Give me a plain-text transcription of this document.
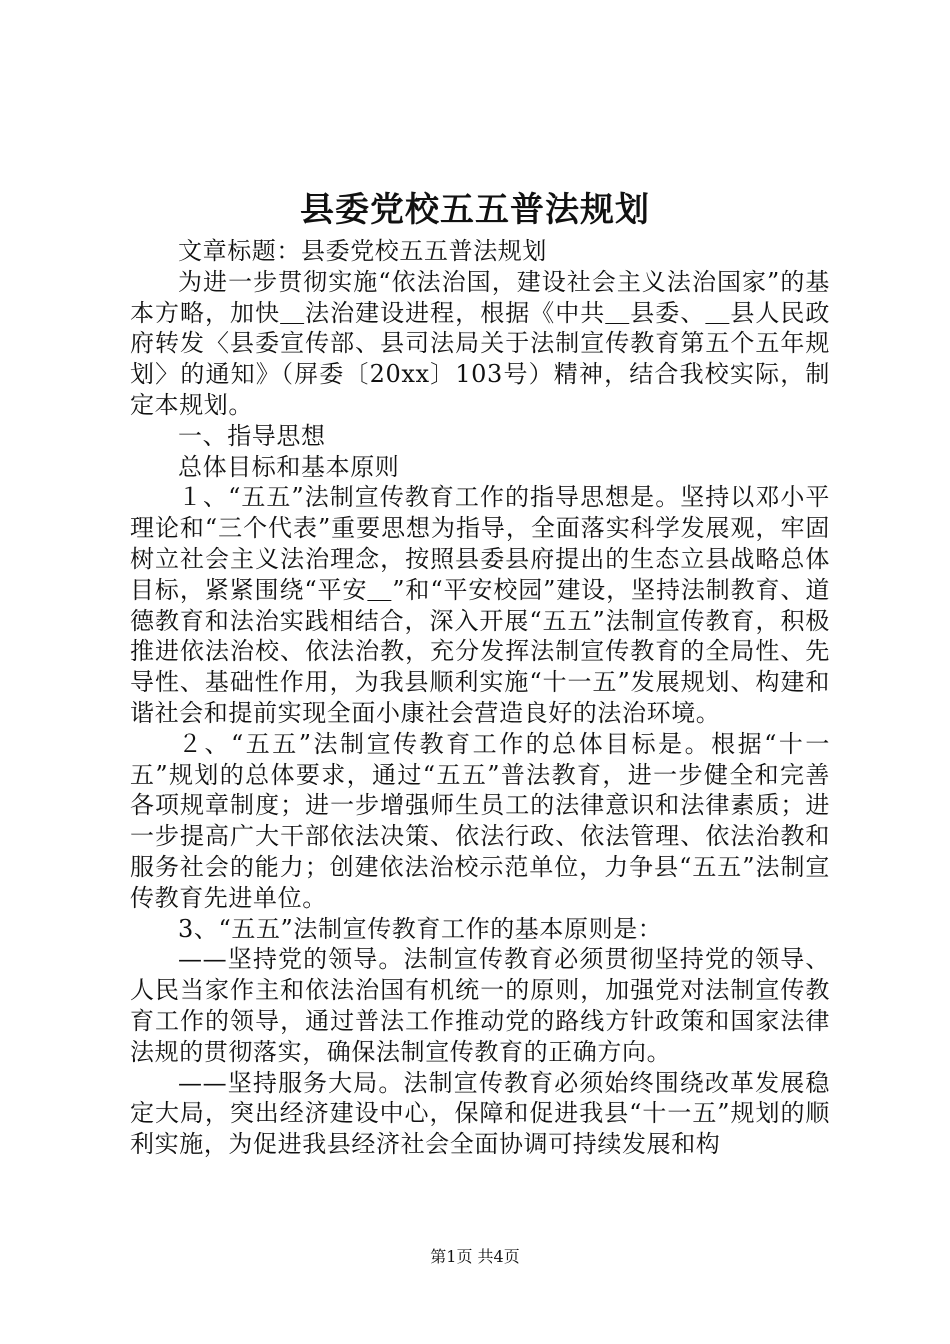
县委党校五五普法规划

文章标题：县委党校五五普法规划

为进一步贯彻实施“依法治国，建设社会主义法治国家”的基本方略，加快＿法治建设进程，根据《中共＿县委、＿县人民政府转发〈县委宣传部、县司法局关于法制宣传教育第五个五年规划〉的通知》（屏委〔20xx〕103号）精神，结合我校实际，制定本规划。

一、指导思想

总体目标和基本原则

１、“五五”法制宣传教育工作的指导思想是。坚持以邓小平理论和“三个代表”重要思想为指导，全面落实科学发展观，牢固树立社会主义法治理念，按照县委县府提出的生态立县战略总体目标，紧紧围绕“平安＿”和“平安校园”建设，坚持法制教育、道德教育和法治实践相结合，深入开展“五五”法制宣传教育，积极推进依法治校、依法治教，充分发挥法制宣传教育的全局性、先导性、基础性作用，为我县顺利实施“十一五”发展规划、构建和谐社会和提前实现全面小康社会营造良好的法治环境。

２、“五五”法制宣传教育工作的总体目标是。根据“十一五”规划的总体要求，通过“五五”普法教育，进一步健全和完善各项规章制度；进一步增强师生员工的法律意识和法律素质；进一步提高广大干部依法决策、依法行政、依法管理、依法治教和服务社会的能力；创建依法治校示范单位，力争县“五五”法制宣传教育先进单位。

3、“五五”法制宣传教育工作的基本原则是：

——坚持党的领导。法制宣传教育必须贯彻坚持党的领导、人民当家作主和依法治国有机统一的原则，加强党对法制宣传教育工作的领导，通过普法工作推动党的路线方针政策和国家法律法规的贯彻落实，确保法制宣传教育的正确方向。

——坚持服务大局。法制宣传教育必须始终围绕改革发展稳定大局，突出经济建设中心，保障和促进我县“十一五”规划的顺利实施，为促进我县经济社会全面协调可持续发展和构

第1页 共4页
